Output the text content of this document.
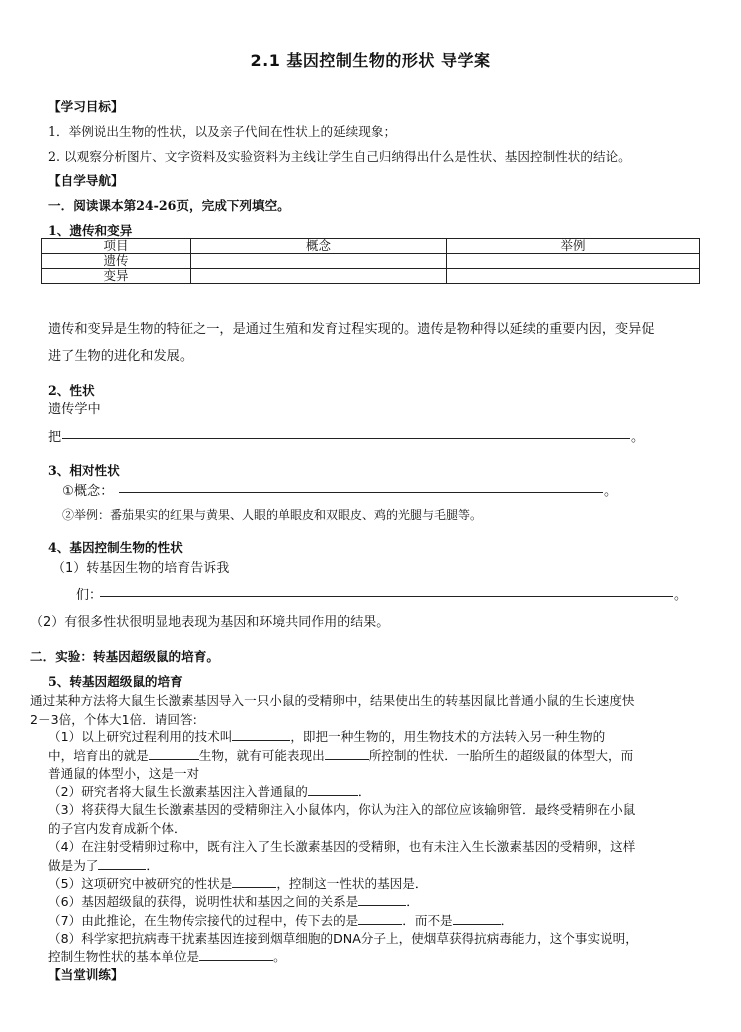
2.1 基因控制生物的形状 导学案
【学习目标】
1．举例说出生物的性状，以及亲子代间在性状上的延续现象；
2. 以观察分析图片、文字资料及实验资料为主线让学生自己归纳得出什么是性状、基因控制性状的结论。
【自学导航】
一．阅读课本第24-26页，完成下列填空。
1、遗传和变异
项目	概念	举例
遗传		
变异		
遗传和变异是生物的特征之一，是通过生殖和发育过程实现的。遗传是物种得以延续的重要内因，变异促
进了生物的进化和发展。
2、性状
遗传学中
把	。
3、相对性状
①概念：	。
②举例：番茄果实的红果与黄果、人眼的单眼皮和双眼皮、鸡的光腿与毛腿等。
4、基因控制生物的性状
（1）转基因生物的培育告诉我
们：	。
（2）有很多性状很明显地表现为基因和环境共同作用的结果。
二．实验：转基因超级鼠的培育。
5、转基因超级鼠的培育
通过某种方法将大鼠生长激素基因导入一只小鼠的受精卵中，结果使出生的转基因鼠比普通小鼠的生长速度快
2－3倍，个体大1倍．请回答:
（1）以上研究过程利用的技术叫	，即把一种生物的，用生物技术的方法转入另一种生物的
中，培育出的就是	生物，就有可能表现出	所控制的性状．一胎所生的超级鼠的体型大，而
普通鼠的体型小，这是一对
（2）研究者将大鼠生长激素基因注入普通鼠的	．
（3）将获得大鼠生长激素基因的受精卵注入小鼠体内，你认为注入的部位应该输卵管．最终受精卵在小鼠
的子宫内发育成新个体．
（4）在注射受精卵过称中，既有注入了生长激素基因的受精卵，也有未注入生长激素基因的受精卵，这样
做是为了	．
（5）这项研究中被研究的性状是	，控制这一性状的基因是．
（6）基因超级鼠的获得，说明性状和基因之间的关系是	．
（7）由此推论，在生物传宗接代的过程中，传下去的是	．而不是	．
（8）科学家把抗病毒干扰素基因连接到烟草细胞的DNA分子上，使烟草获得抗病毒能力，这个事实说明，
控制生物性状的基本单位是	。
【当堂训练】
